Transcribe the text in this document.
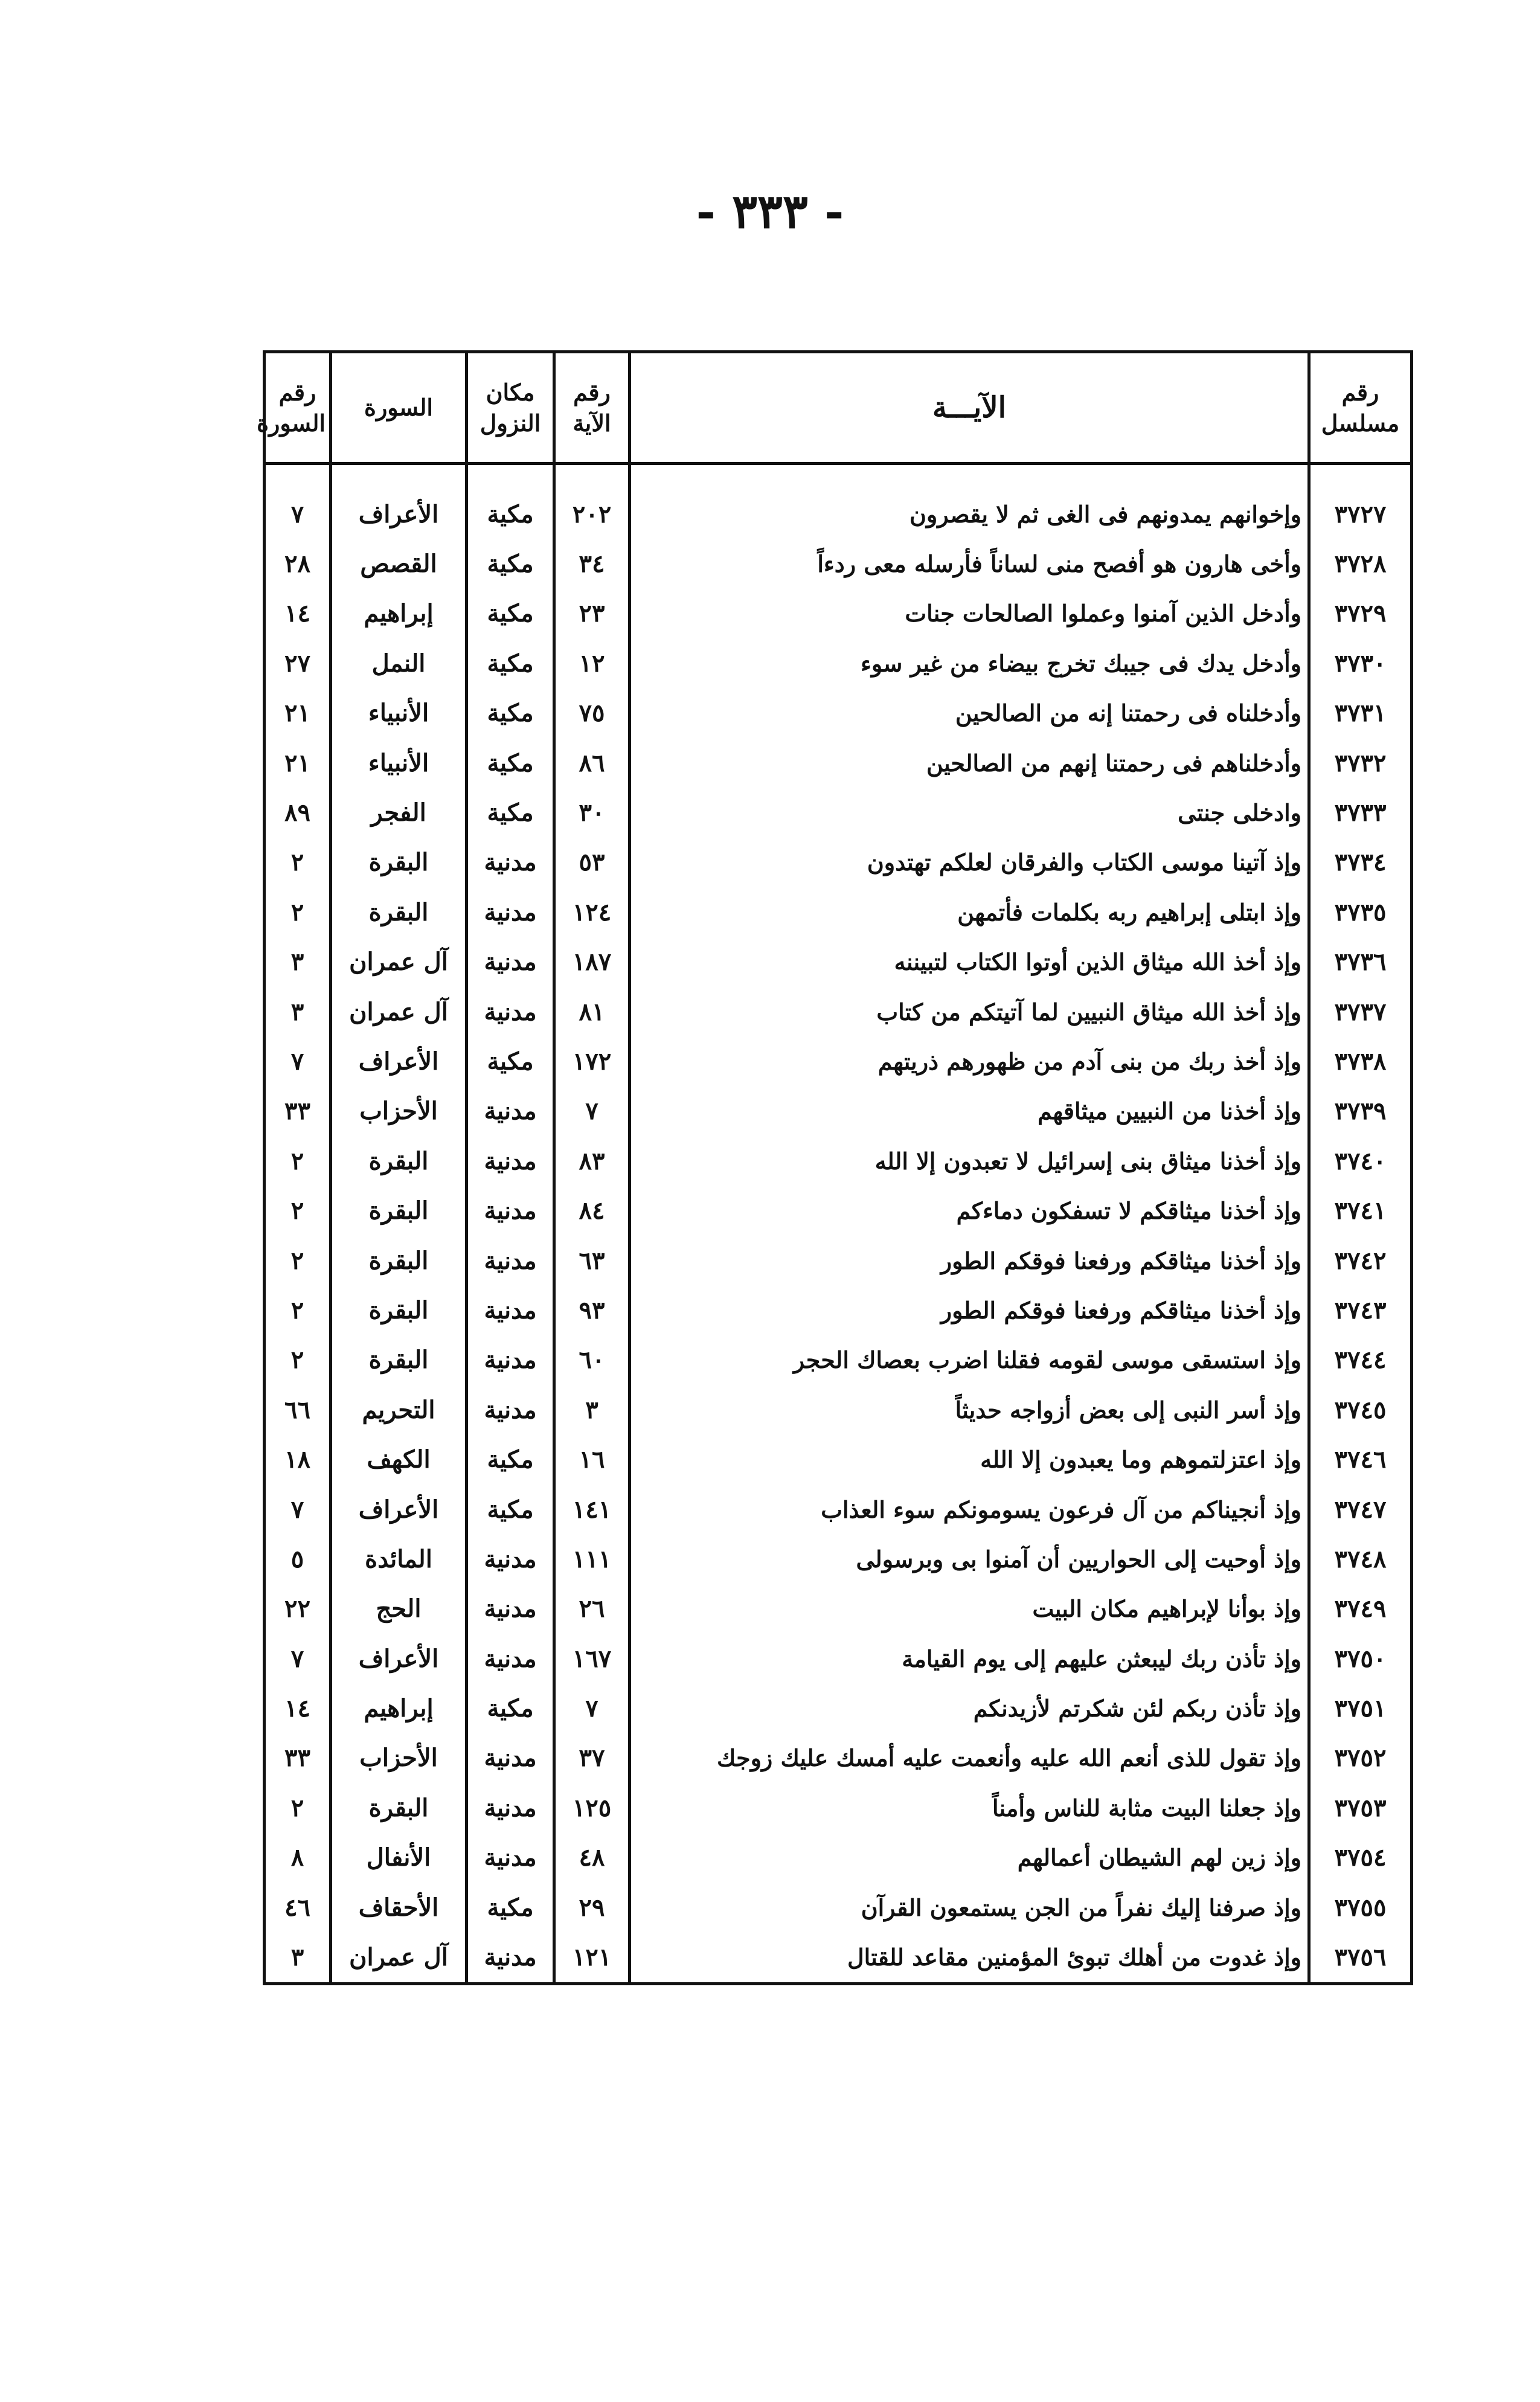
- ٣٣٣ -
رقم مسلسل	الآيـــة	رقم الآية	مكان النزول	السورة	رقم السورة

٣٧٢٧	وإخوانهم يمدونهم فى الغى ثم لا يقصرون	٢٠٢	مكية	الأعراف	٧
٣٧٢٨	وأخى هارون هو أفصح منى لساناً فأرسله معى ردءاً	٣٤	مكية	القصص	٢٨
٣٧٢٩	وأدخل الذين آمنوا وعملوا الصالحات جنات	٢٣	مكية	إبراهيم	١٤
٣٧٣٠	وأدخل يدك فى جيبك تخرج بيضاء من غير سوء	١٢	مكية	النمل	٢٧
٣٧٣١	وأدخلناه فى رحمتنا إنه من الصالحين	٧٥	مكية	الأنبياء	٢١
٣٧٣٢	وأدخلناهم فى رحمتنا إنهم من الصالحين	٨٦	مكية	الأنبياء	٢١
٣٧٣٣	وادخلى جنتى	٣٠	مكية	الفجر	٨٩
٣٧٣٤	وإذ آتينا موسى الكتاب والفرقان لعلكم تهتدون	٥٣	مدنية	البقرة	٢
٣٧٣٥	وإذ ابتلى إبراهيم ربه بكلمات فأتمهن	١٢٤	مدنية	البقرة	٢
٣٧٣٦	وإذ أخذ الله ميثاق الذين أوتوا الكتاب لتبيننه	١٨٧	مدنية	آل عمران	٣
٣٧٣٧	وإذ أخذ الله ميثاق النبيين لما آتيتكم من كتاب	٨١	مدنية	آل عمران	٣
٣٧٣٨	وإذ أخذ ربك من بنى آدم من ظهورهم ذريتهم	١٧٢	مكية	الأعراف	٧
٣٧٣٩	وإذ أخذنا من النبيين ميثاقهم	٧	مدنية	الأحزاب	٣٣
٣٧٤٠	وإذ أخذنا ميثاق بنى إسرائيل لا تعبدون إلا الله	٨٣	مدنية	البقرة	٢
٣٧٤١	وإذ أخذنا ميثاقكم لا تسفكون دماءكم	٨٤	مدنية	البقرة	٢
٣٧٤٢	وإذ أخذنا ميثاقكم ورفعنا فوقكم الطور	٦٣	مدنية	البقرة	٢
٣٧٤٣	وإذ أخذنا ميثاقكم ورفعنا فوقكم الطور	٩٣	مدنية	البقرة	٢
٣٧٤٤	وإذ استسقى موسى لقومه فقلنا اضرب بعصاك الحجر	٦٠	مدنية	البقرة	٢
٣٧٤٥	وإذ أسر النبى إلى بعض أزواجه حديثاً	٣	مدنية	التحريم	٦٦
٣٧٤٦	وإذ اعتزلتموهم وما يعبدون إلا الله	١٦	مكية	الكهف	١٨
٣٧٤٧	وإذ أنجيناكم من آل فرعون يسومونكم سوء العذاب	١٤١	مكية	الأعراف	٧
٣٧٤٨	وإذ أوحيت إلى الحواريين أن آمنوا بى وبرسولى	١١١	مدنية	المائدة	٥
٣٧٤٩	وإذ بوأنا لإبراهيم مكان البيت	٢٦	مدنية	الحج	٢٢
٣٧٥٠	وإذ تأذن ربك ليبعثن عليهم إلى يوم القيامة	١٦٧	مدنية	الأعراف	٧
٣٧٥١	وإذ تأذن ربكم لئن شكرتم لأزيدنكم	٧	مكية	إبراهيم	١٤
٣٧٥٢	وإذ تقول للذى أنعم الله عليه وأنعمت عليه أمسك عليك زوجك	٣٧	مدنية	الأحزاب	٣٣
٣٧٥٣	وإذ جعلنا البيت مثابة للناس وأمناً	١٢٥	مدنية	البقرة	٢
٣٧٥٤	وإذ زين لهم الشيطان أعمالهم	٤٨	مدنية	الأنفال	٨
٣٧٥٥	وإذ صرفنا إليك نفراً من الجن يستمعون القرآن	٢٩	مكية	الأحقاف	٤٦
٣٧٥٦	وإذ غدوت من أهلك تبوئ المؤمنين مقاعد للقتال	١٢١	مدنية	آل عمران	٣
